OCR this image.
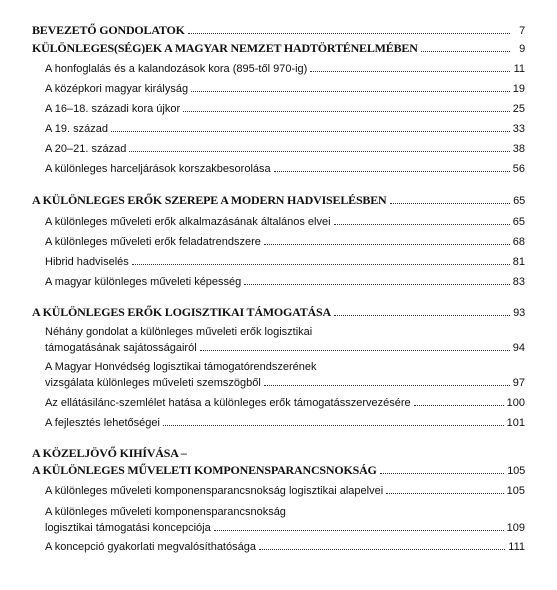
BEVEZETŐ GONDOLATOK	7
KÜLÖNLEGES(SÉG)EK A MAGYAR NEMZET HADTÖRTÉNELMÉBEN	9
A honfoglalás és a kalandozások kora (895-től 970-ig)	11
A középkori magyar királyság	19
A 16–18. századi kora újkor	25
A 19. század	33
A 20–21. század	38
A különleges harceljárások korszakbesorolása	56
A KÜLÖNLEGES ERŐK SZEREPE A MODERN HADVISELÉSBEN	65
A különleges műveleti erők alkalmazásának általános elvei	65
A különleges műveleti erők feladatrendszere	68
Hibrid hadviselés	81
A magyar különleges műveleti képesség	83
A KÜLÖNLEGES ERŐK LOGISZTIKAI TÁMOGATÁSA	93
Néhány gondolat a különleges műveleti erők logisztikai
támogatásának sajátosságairól	94
A Magyar Honvédség logisztikai támogatórendszerének
vizsgálata különleges műveleti szemszögből	97
Az ellátásilánc-szemlélet hatása a különleges erők támogatásszervezésére	100
A fejlesztés lehetőségei	101
A KÖZELJÖVŐ KIHÍVÁSA –
A KÜLÖNLEGES MŰVELETI KOMPONENSPARANCSNOKSÁG	105
A különleges műveleti komponensparancsnokság logisztikai alapelvei	105
A különleges műveleti komponensparancsnokság
logisztikai támogatási koncepciója	109
A koncepció gyakorlati megvalósíthatósága	111
